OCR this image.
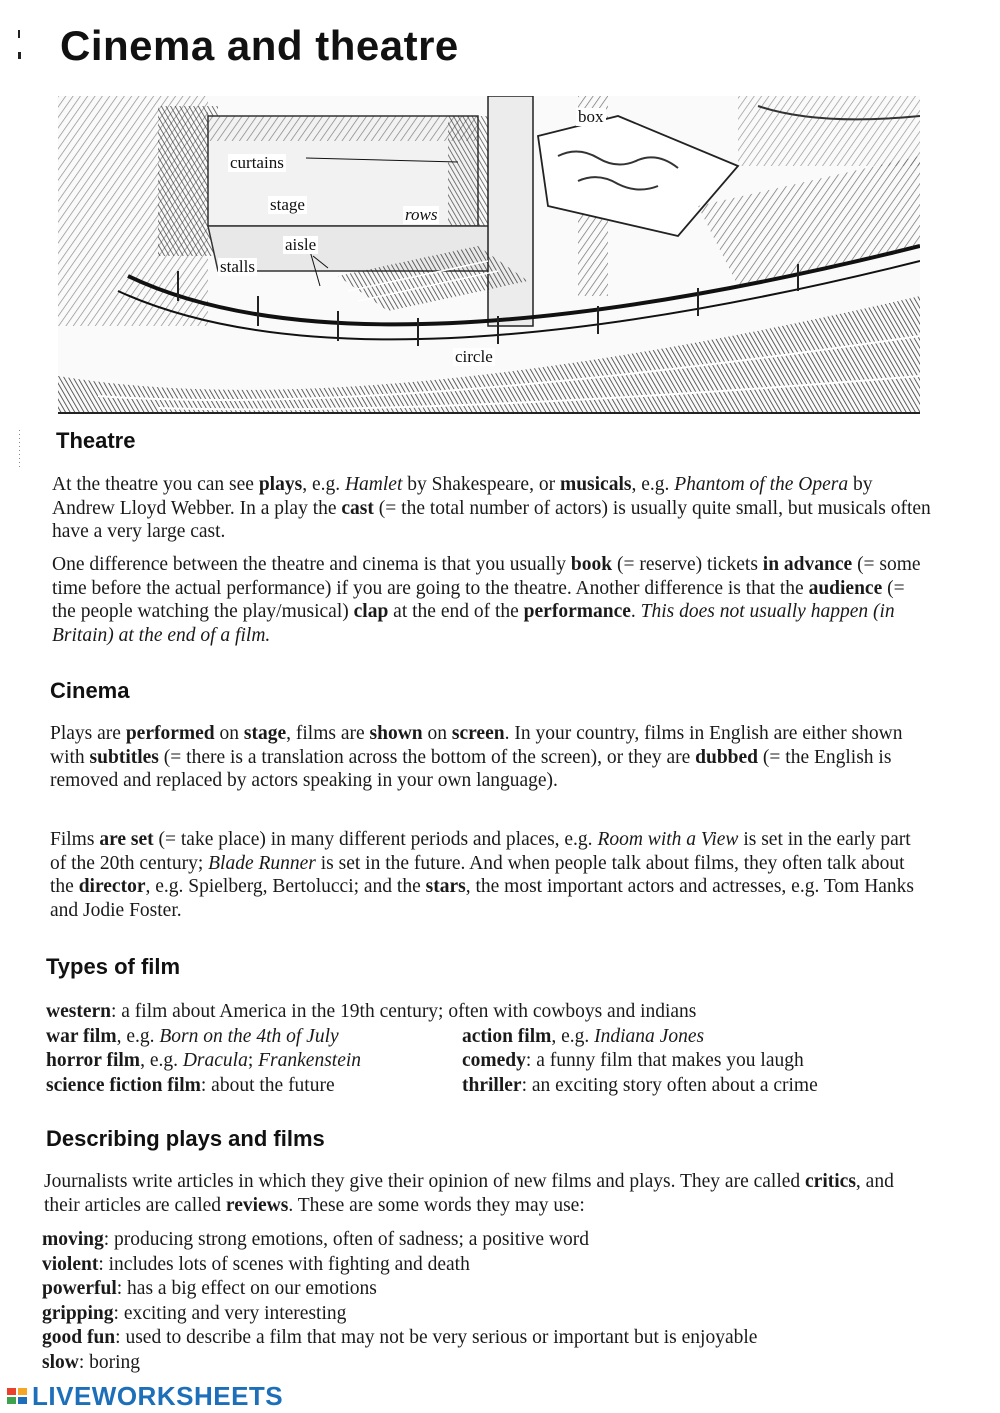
Cinema and theatre
box
curtains
stage
rows
aisle
stalls
circle
Theatre

At the theatre you can see plays, e.g. Hamlet by Shakespeare, or musicals, e.g. Phantom of the Opera by Andrew Lloyd Webber. In a play the cast (= the total number of actors) is usually quite small, but musicals often have a very large cast.

One difference between the theatre and cinema is that you usually book (= reserve) tickets in advance (= some time before the actual performance) if you are going to the theatre. Another difference is that the audience (= the people watching the play/musical) clap at the end of the performance. This does not usually happen (in Britain) at the end of a film.

Cinema

Plays are performed on stage, films are shown on screen. In your country, films in English are either shown with subtitles (= there is a translation across the bottom of the screen), or they are dubbed (= the English is removed and replaced by actors speaking in your own language).

Films are set (= take place) in many different periods and places, e.g. Room with a View is set in the early part of the 20th century; Blade Runner is set in the future. And when people talk about films, they often talk about the director, e.g. Spielberg, Bertolucci; and the stars, the most important actors and actresses, e.g. Tom Hanks and Jodie Foster.

Types of film
western: a film about America in the 19th century; often with cowboys and indians
war film, e.g. Born on the 4th of July
horror film, e.g. Dracula; Frankenstein
science fiction film: about the future
action film, e.g. Indiana Jones
comedy: a funny film that makes you laugh
thriller: an exciting story often about a crime
Describing plays and films

Journalists write articles in which they give their opinion of new films and plays. They are called critics, and their articles are called reviews. These are some words they may use:

moving: producing strong emotions, often of sadness; a positive word
violent: includes lots of scenes with fighting and death
powerful: has a big effect on our emotions
gripping: exciting and very interesting
good fun: used to describe a film that may not be very serious or important but is enjoyable
slow: boring
LIVEWORKSHEETS
